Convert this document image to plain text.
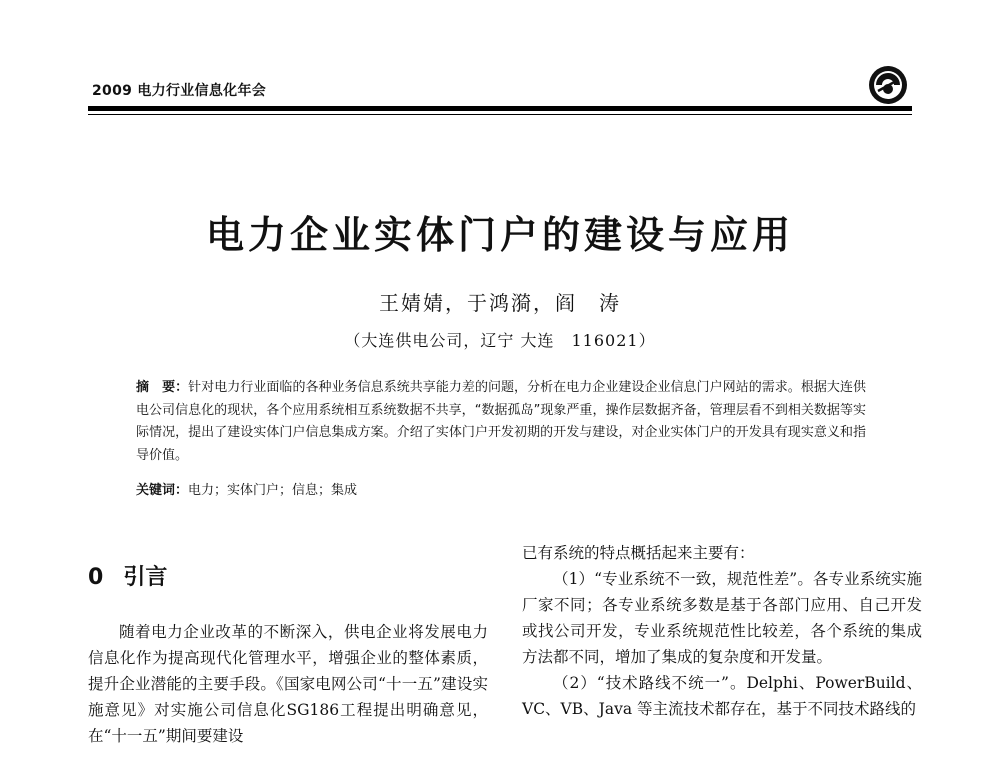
2009 电力行业信息化年会
电力企业实体门户的建设与应用
王婧婧，于鸿漪，阎　涛
（大连供电公司，辽宁 大连　116021）
摘　要：针对电力行业面临的各种业务信息系统共享能力差的问题，分析在电力企业建设企业信息门户网站的需求。根据大连供电公司信息化的现状，各个应用系统相互系统数据不共享，“数据孤岛”现象严重，操作层数据齐备，管理层看不到相关数据等实际情况，提出了建设实体门户信息集成方案。介绍了实体门户开发初期的开发与建设，对企业实体门户的开发具有现实意义和指导价值。
关键词：电力；实体门户；信息；集成
0 引言

随着电力企业改革的不断深入，供电企业将发展电力信息化作为提高现代化管理水平，增强企业的整体素质，提升企业潜能的主要手段。《国家电网公司“十一五”建设实施意见》对实施公司信息化SG186工程提出明确意见，在“十一五”期间要建设

已有系统的特点概括起来主要有：

（1）“专业系统不一致，规范性差”。各专业系统实施厂家不同；各专业系统多数是基于各部门应用、自己开发或找公司开发，专业系统规范性比较差，各个系统的集成方法都不同，增加了集成的复杂度和开发量。

（2）“技术路线不统一”。Delphi、PowerBuild、VC、VB、Java 等主流技术都存在，基于不同技术路线的
